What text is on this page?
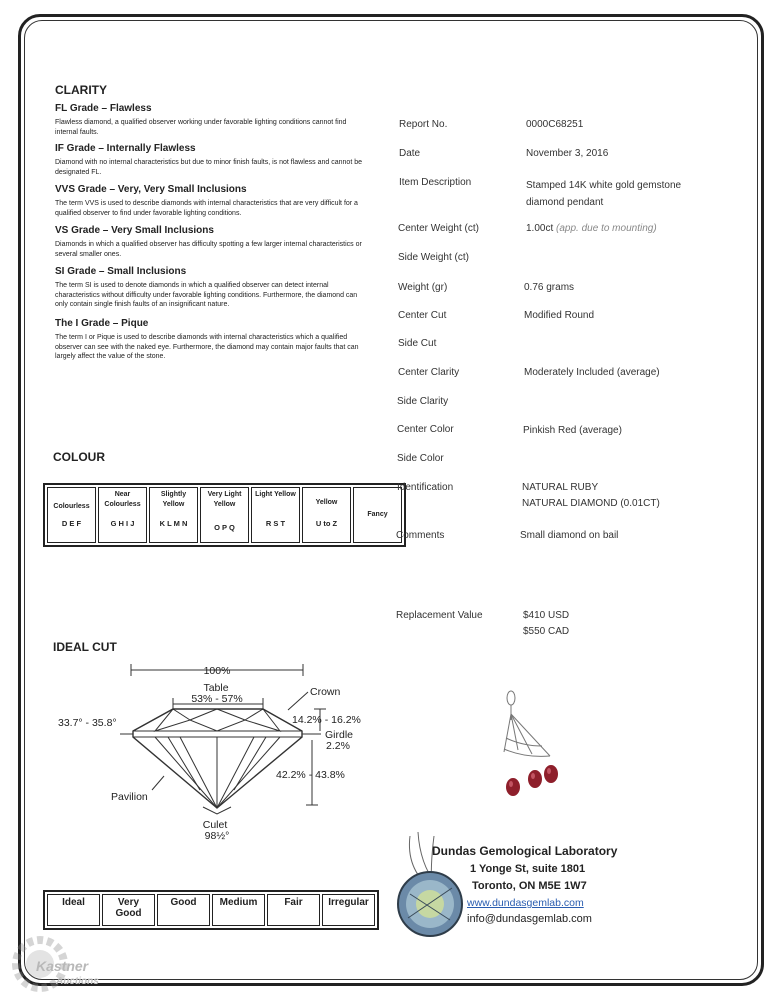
CLARITY
FL Grade – Flawless
Flawless diamond, a qualified observer working under favorable lighting conditions cannot find internal faults.
IF Grade – Internally Flawless
Diamond with no internal characteristics but due to minor finish faults, is not flawless and cannot be designated FL.
VVS Grade – Very, Very Small Inclusions
The term VVS is used to describe diamonds with internal characteristics that are very difficult for a qualified observer to find under favorable lighting conditions.
VS Grade – Very Small Inclusions
Diamonds in which a qualified observer has difficulty spotting a few larger internal characteristics or several smaller ones.
SI Grade – Small Inclusions
The term SI is used to denote diamonds in which a qualified observer can detect internal characteristics without difficulty under favorable lighting conditions. Furthermore, the diamond can only contain single finish faults of an insignificant nature.
The I Grade – Pique
The term I or Pique is used to describe diamonds with internal characteristics which a qualified observer can see with the naked eye. Furthermore, the diamond may contain major faults that can largely affect the value of the stone.
COLOUR
Colourless
D E F
	Near Colourless
G H I J
	Slightly Yellow
K L M N
	Very Light Yellow
O P Q
	Light Yellow
R S T
	Yellow
U to Z
	Fancy
IDEAL CUT
100%
Table
53% - 57%
Crown
33.7° - 35.8°	14.2% - 16.2%
Girdle
2.2%
42.2% - 43.8%
Pavilion
Culet
98½°
Ideal	Very Good	Good	Medium	Fair	Irregular
Report No.	0000C68251
Date	November 3, 2016
Item Description	Stamped 14K white gold gemstone diamond pendant
Center Weight (ct)	1.00ct (app. due to mounting)
Side Weight (ct)
Weight (gr)	0.76 grams
Center Cut	Modified Round
Side Cut
Center Clarity	Moderately Included (average)
Side Clarity
Center Color	Pinkish Red (average)
Side Color
Identification	NATURAL RUBY
NATURAL DIAMOND (0.01CT)
Comments	Small diamond on bail
Replacement Value	$410 USD
$550 CAD
Dundas Gemological Laboratory
1 Yonge St, suite 1801
Toronto, ON M5E 1W7
www.dundasgemlab.com
info@dundasgemlab.com
Kastner
Auctions
